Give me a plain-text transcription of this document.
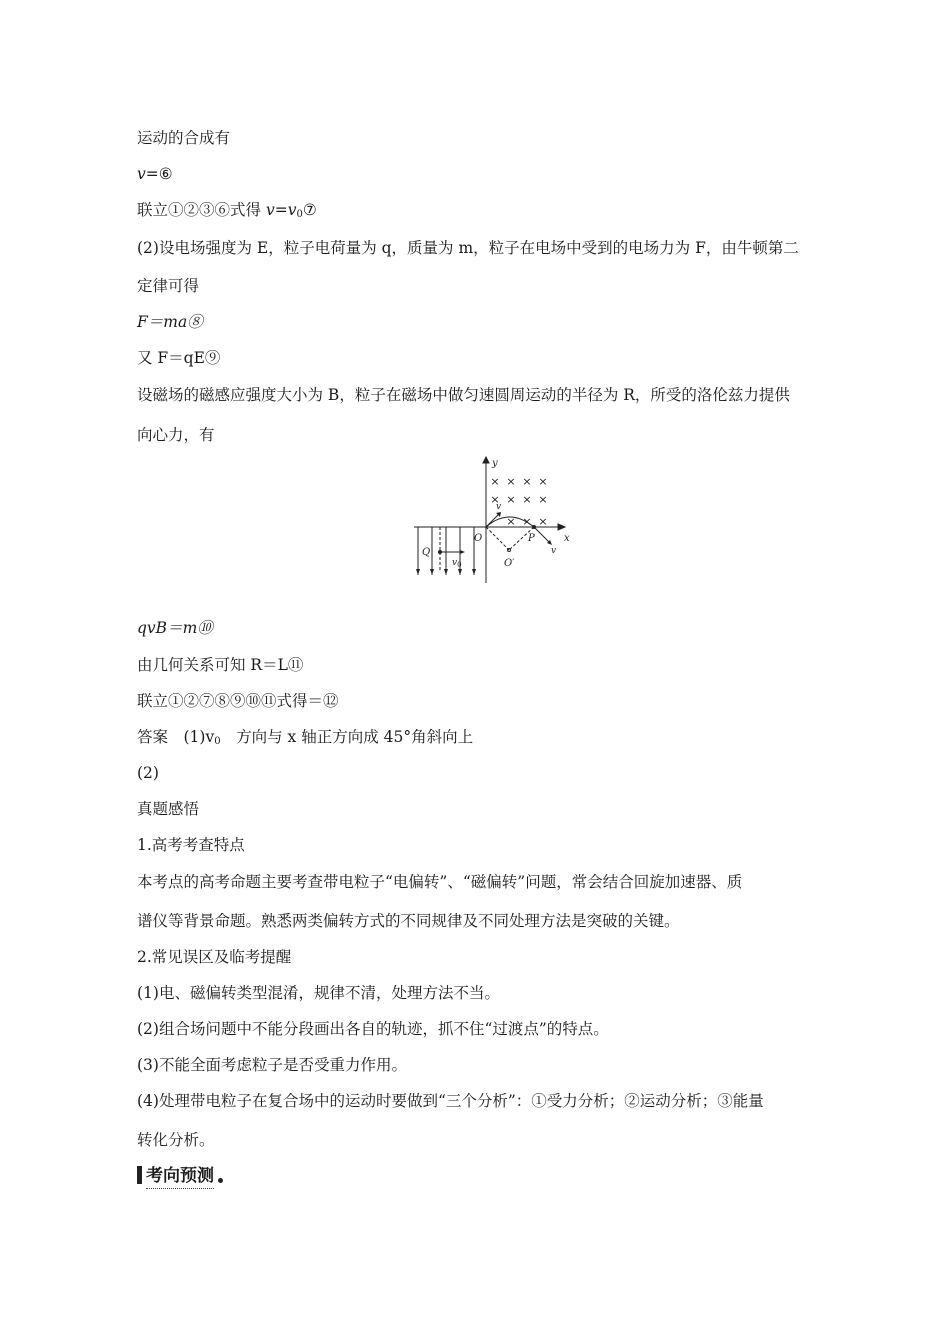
运动的合成有
v=⑥
联立①②③⑥式得 $v=v_0⑦$
(2)设电场强度为 E，粒子电荷量为 q，质量为 m，粒子在电场中受到的电场力为 F，由牛顿第二
定律可得
F＝ma⑧
又 F＝qE⑨
设磁场的磁感应强度大小为 B，粒子在磁场中做匀速圆周运动的半径为 R，所受的洛伦兹力提供
向心力，有
y
x
O	P
Q
O′
v
v
$v_0$
× × × ×
× × × ×
× × ×
qvB＝m⑩
由几何关系可知 R＝L⑪
联立①②⑦⑧⑨⑩⑪式得＝⑫
答案　$(1)v_0$　方向与 x 轴正方向成 45°角斜向上
(2)
真题感悟
1.高考考查特点
本考点的高考命题主要考查带电粒子“电偏转”、“磁偏转”问题，常会结合回旋加速器、质
谱仪等背景命题。熟悉两类偏转方式的不同规律及不同处理方法是突破的关键。
2.常见误区及临考提醒
(1)电、磁偏转类型混淆，规律不清，处理方法不当。
(2)组合场问题中不能分段画出各自的轨迹，抓不住“过渡点”的特点。
(3)不能全面考虑粒子是否受重力作用。
(4)处理带电粒子在复合场中的运动时要做到“三个分析”：①受力分析；②运动分析；③能量
转化分析。
考向预测
